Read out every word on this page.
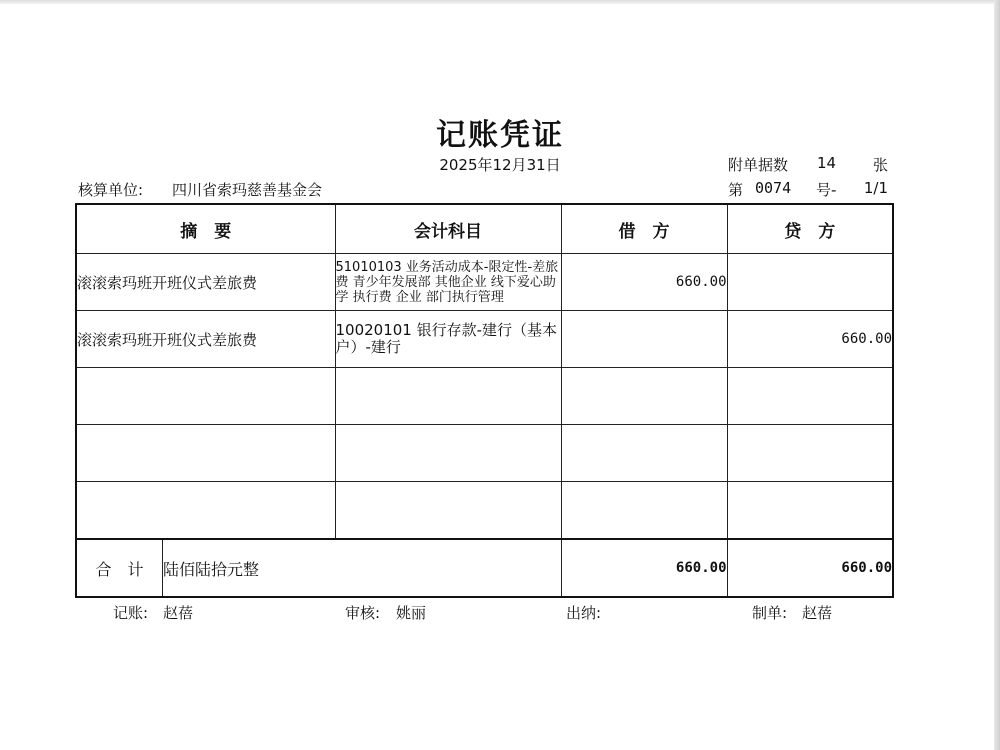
记账凭证
2025年12月31日	附单据数 14 张
核算单位: 四川省索玛慈善基金会	第 0074 号- 1/1
摘　要	会计科目	借　方	贷　方
滚滚索玛班开班仪式差旅费	51010103 业务活动成本-限定性-差旅费 青少年发展部 其他企业 线下爱心助学 执行费 企业 部门执行管理	660.00	
滚滚索玛班开班仪式差旅费	10020101 银行存款-建行（基本户）-建行		660.00

合　计 陆佰陆拾元整		660.00	660.00
记账: 赵蓓	审核: 姚丽	出纳:	制单: 赵蓓
